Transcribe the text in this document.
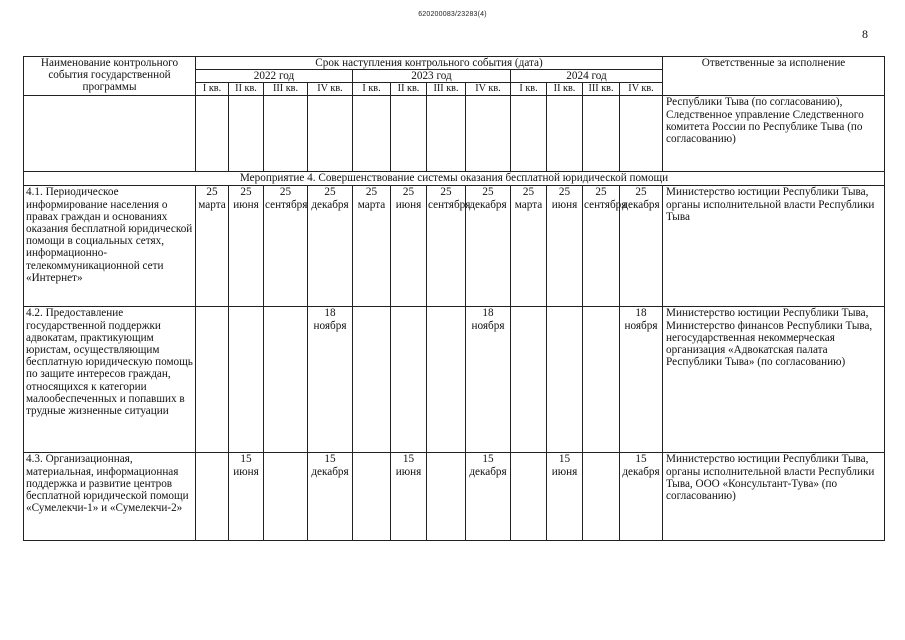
620200083/23283(4)
8
Наименование контрольного события государственной программы	Срок наступления контрольного события (дата)												Ответственные за исполнение
	2022 год				2023 год				2024 год				
	I кв.	II кв.	III кв.	IV кв.	I кв.	II кв.	III кв.	IV кв.	I кв.	II кв.	III кв.	IV кв.	
													Республики Тыва (по согласованию), Следственное управление Следственного комитета России по Республике Тыва (по согласованию)
Мероприятие 4. Совершенствование системы оказания бесплатной юридической помощи													
4.1. Периодическое информирование населения о правах граждан и основаниях оказания бесплатной юридической помощи в социальных сетях, информационно-телекоммуникационной сети «Интернет»	25 марта	25 июня	25 сентября	25 декабря	25 марта	25 июня	25 сентября	25 декабря	25 марта	25 июня	25 сентября	25 декабря	Министерство юстиции Республики Тыва, органы исполнительной власти Республики Тыва
4.2. Предоставление государственной поддержки адвокатам, практикующим юристам, осуществляющим бесплатную юридическую помощь по защите интересов граждан, относящихся к категории малообеспеченных и попавших в трудные жизненные ситуации				18 ноября				18 ноября				18 ноября	Министерство юстиции Республики Тыва, Министерство финансов Республики Тыва, негосударственная некоммерческая организация «Адвокатская палата Республики Тыва» (по согласованию)
4.3. Организационная, материальная, информационная поддержка и развитие центров бесплатной юридической помощи «Сумелекчи-1» и «Сумелекчи-2»		15 июня		15 декабря		15 июня		15 декабря		15 июня		15 декабря	Министерство юстиции Республики Тыва, органы исполнительной власти Республики Тыва, ООО «Консультант-Тува» (по согласованию)
